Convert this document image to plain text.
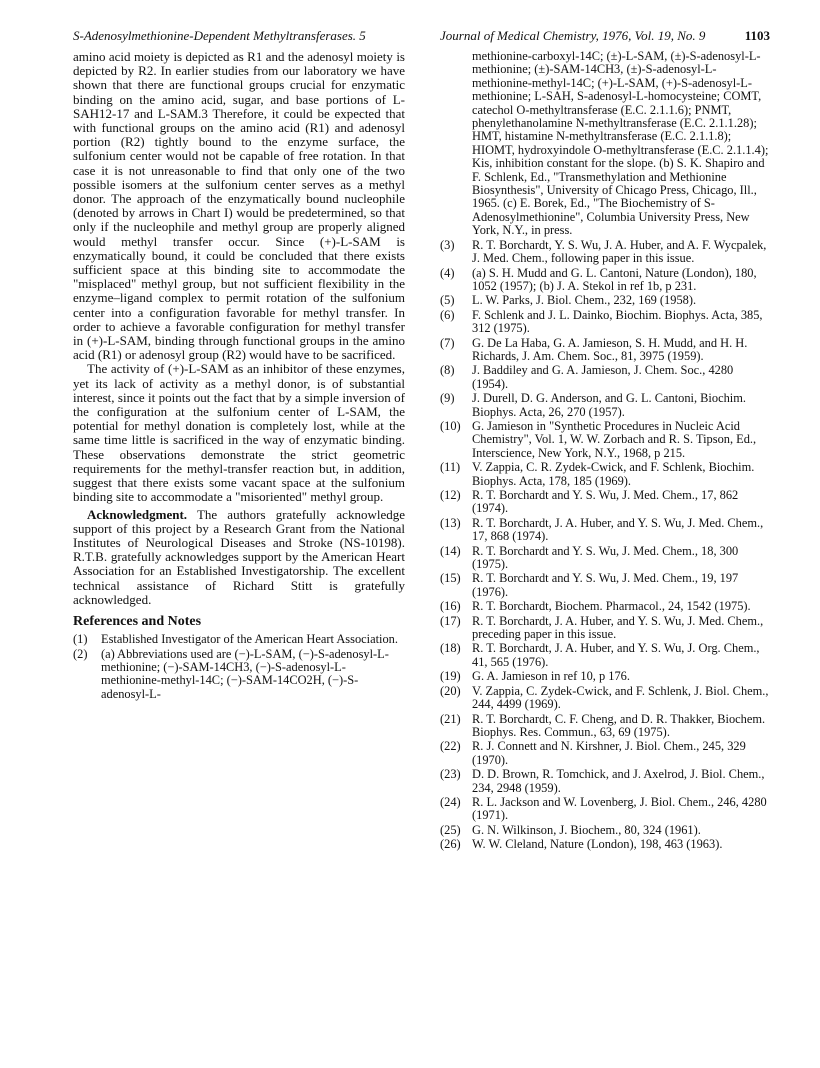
S-Adenosylmethionine-Dependent Methyltransferases. 5	Journal of Medical Chemistry, 1976, Vol. 19, No. 9	1103

amino acid moiety is depicted as R1 and the adenosyl moiety is depicted by R2. In earlier studies from our laboratory we have shown that there are functional groups crucial for enzymatic binding on the amino acid, sugar, and base portions of L-SAH12-17 and L-SAM.3 Therefore, it could be expected that with functional groups on the amino acid (R1) and adenosyl portion (R2) tightly bound to the enzyme surface, the sulfonium center would not be capable of free rotation. In that case it is not unreasonable to find that only one of the two possible isomers at the sulfonium center serves as a methyl donor. The approach of the enzymatically bound nucleophile (denoted by arrows in Chart I) would be predetermined, so that only if the nucleophile and methyl group are properly aligned would methyl transfer occur. Since (+)-L-SAM is enzymatically bound, it could be concluded that there exists sufficient space at this binding site to accommodate the "misplaced" methyl group, but not sufficient flexibility in the enzyme–ligand complex to permit rotation of the sulfonium center into a configuration favorable for methyl transfer. In order to achieve a favorable configuration for methyl transfer in (+)-L-SAM, binding through functional groups in the amino acid (R1) or adenosyl group (R2) would have to be sacrificed.

The activity of (+)-L-SAM as an inhibitor of these enzymes, yet its lack of activity as a methyl donor, is of substantial interest, since it points out the fact that by a simple inversion of the configuration at the sulfonium center of L-SAM, the potential for methyl donation is completely lost, while at the same time little is sacrificed in the way of enzymatic binding. These observations demonstrate the strict geometric requirements for the methyl-transfer reaction but, in addition, suggest that there exists some vacant space at the sulfonium binding site to accommodate a "misoriented" methyl group.

Acknowledgment. The authors gratefully acknowledge support of this project by a Research Grant from the National Institutes of Neurological Diseases and Stroke (NS-10198). R.T.B. gratefully acknowledges support by the American Heart Association for an Established Investigatorship. The excellent technical assistance of Richard Stitt is gratefully acknowledged.

References and Notes
(1)	Established Investigator of the American Heart Association.
(2)	(a) Abbreviations used are (−)-L-SAM, (−)-S-adenosyl-L-methionine; (−)-SAM-14CH3, (−)-S-adenosyl-L-methionine-methyl-14C; (−)-SAM-14CO2H, (−)-S-adenosyl-L-
methionine-carboxyl-14C; (±)-L-SAM, (±)-S-adenosyl-L-methionine; (±)-SAM-14CH3, (±)-S-adenosyl-L-methionine-methyl-14C; (+)-L-SAM, (+)-S-adenosyl-L-methionine; L-SAH, S-adenosyl-L-homocysteine; COMT, catechol O-methyltransferase (E.C. 2.1.1.6); PNMT, phenylethanolamine N-methyltransferase (E.C. 2.1.1.28); HMT, histamine N-methyltransferase (E.C. 2.1.1.8); HIOMT, hydroxyindole O-methyltransferase (E.C. 2.1.1.4); Kis, inhibition constant for the slope. (b) S. K. Shapiro and F. Schlenk, Ed., "Transmethylation and Methionine Biosynthesis", University of Chicago Press, Chicago, Ill., 1965. (c) E. Borek, Ed., "The Biochemistry of S-Adenosylmethionine", Columbia University Press, New York, N.Y., in press.
(3)	R. T. Borchardt, Y. S. Wu, J. A. Huber, and A. F. Wycpalek, J. Med. Chem., following paper in this issue.
(4)	(a) S. H. Mudd and G. L. Cantoni, Nature (London), 180, 1052 (1957); (b) J. A. Stekol in ref 1b, p 231.
(5)	L. W. Parks, J. Biol. Chem., 232, 169 (1958).
(6)	F. Schlenk and J. L. Dainko, Biochim. Biophys. Acta, 385, 312 (1975).
(7)	G. De La Haba, G. A. Jamieson, S. H. Mudd, and H. H. Richards, J. Am. Chem. Soc., 81, 3975 (1959).
(8)	J. Baddiley and G. A. Jamieson, J. Chem. Soc., 4280 (1954).
(9)	J. Durell, D. G. Anderson, and G. L. Cantoni, Biochim. Biophys. Acta, 26, 270 (1957).
(10) G. Jamieson in "Synthetic Procedures in Nucleic Acid Chemistry", Vol. 1, W. W. Zorbach and R. S. Tipson, Ed., Interscience, New York, N.Y., 1968, p 215.
(11) V. Zappia, C. R. Zydek-Cwick, and F. Schlenk, Biochim. Biophys. Acta, 178, 185 (1969).
(12) R. T. Borchardt and Y. S. Wu, J. Med. Chem., 17, 862 (1974).
(13) R. T. Borchardt, J. A. Huber, and Y. S. Wu, J. Med. Chem., 17, 868 (1974).
(14) R. T. Borchardt and Y. S. Wu, J. Med. Chem., 18, 300 (1975).
(15) R. T. Borchardt and Y. S. Wu, J. Med. Chem., 19, 197 (1976).
(16) R. T. Borchardt, Biochem. Pharmacol., 24, 1542 (1975).
(17) R. T. Borchardt, J. A. Huber, and Y. S. Wu, J. Med. Chem., preceding paper in this issue.
(18) R. T. Borchardt, J. A. Huber, and Y. S. Wu, J. Org. Chem., 41, 565 (1976).
(19) G. A. Jamieson in ref 10, p 176.
(20) V. Zappia, C. Zydek-Cwick, and F. Schlenk, J. Biol. Chem., 244, 4499 (1969).
(21) R. T. Borchardt, C. F. Cheng, and D. R. Thakker, Biochem. Biophys. Res. Commun., 63, 69 (1975).
(22) R. J. Connett and N. Kirshner, J. Biol. Chem., 245, 329 (1970).
(23) D. D. Brown, R. Tomchick, and J. Axelrod, J. Biol. Chem., 234, 2948 (1959).
(24) R. L. Jackson and W. Lovenberg, J. Biol. Chem., 246, 4280 (1971).
(25) G. N. Wilkinson, J. Biochem., 80, 324 (1961).
(26) W. W. Cleland, Nature (London), 198, 463 (1963).
